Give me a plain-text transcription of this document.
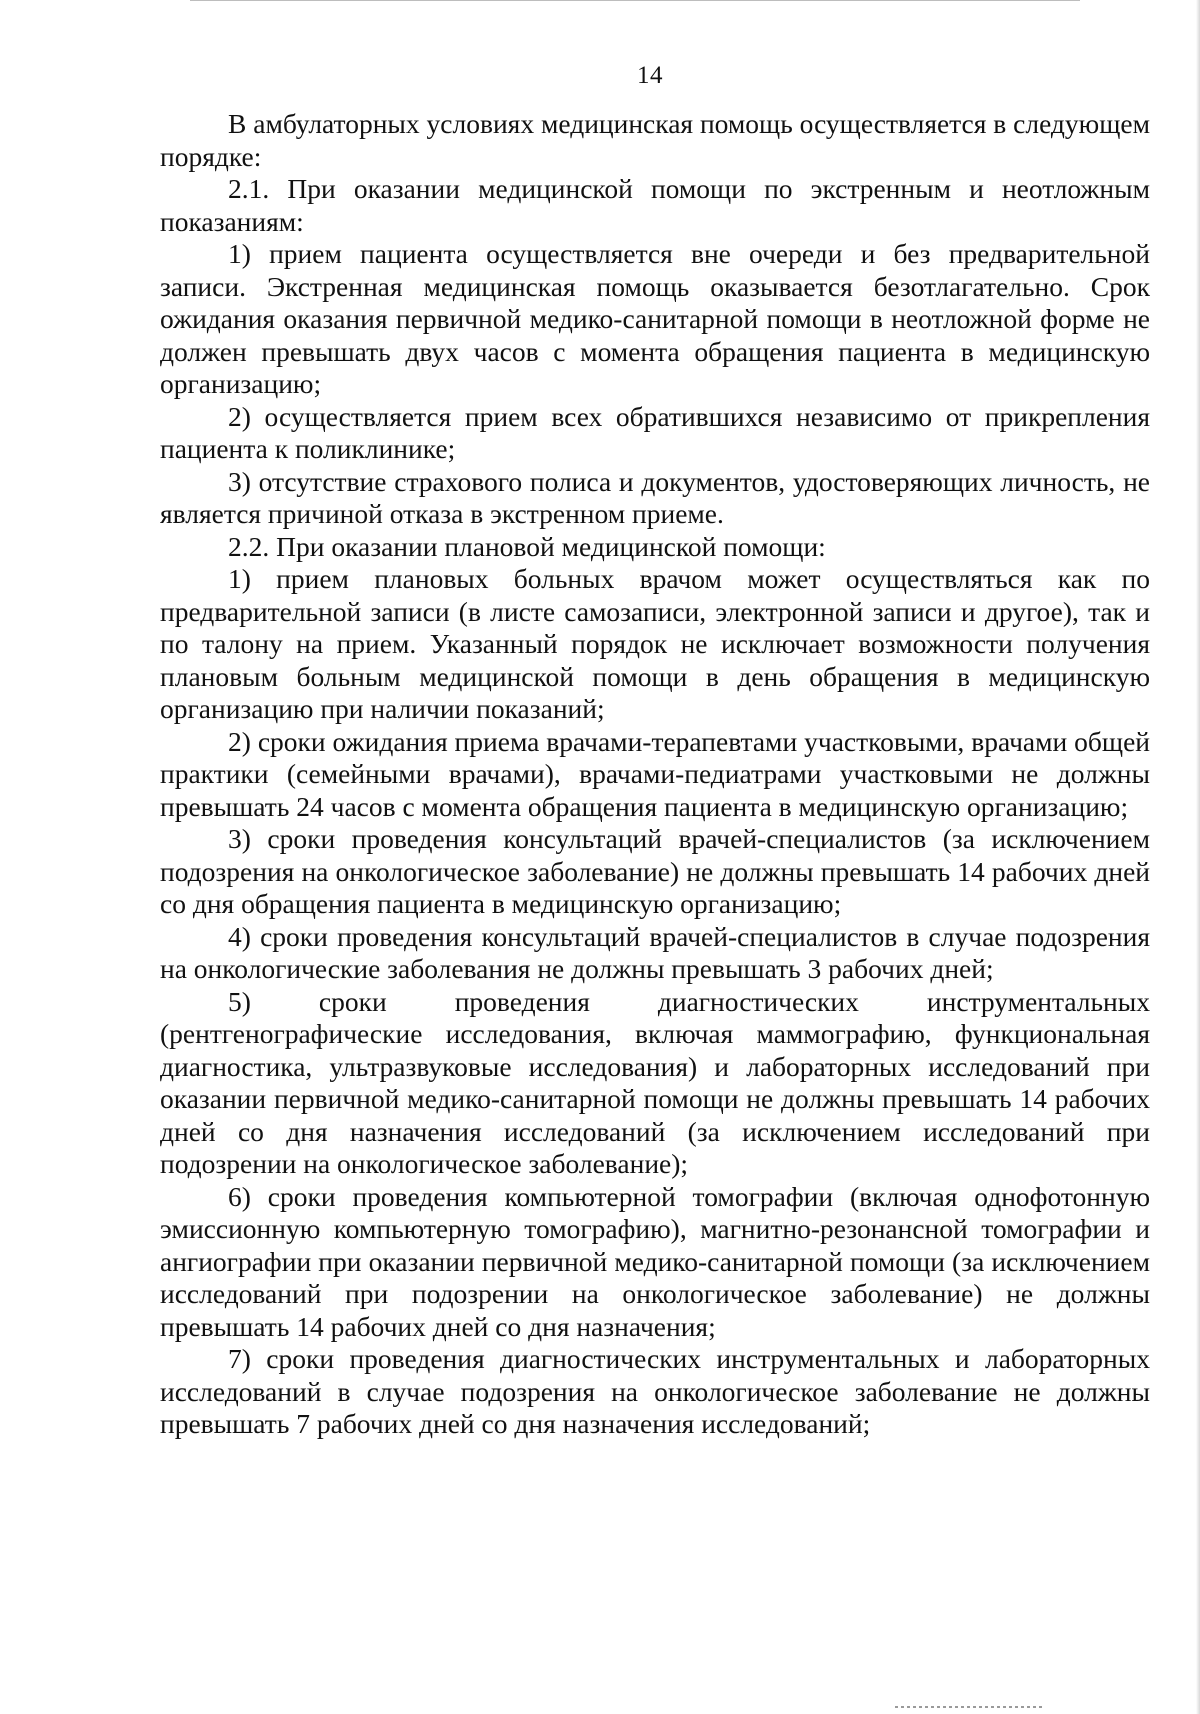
14

В амбулаторных условиях медицинская помощь осуществляется в следующем порядке:

2.1. При оказании медицинской помощи по экстренным и неотложным показаниям:

1) прием пациента осуществляется вне очереди и без предварительной записи. Экстренная медицинская помощь оказывается безотлагательно. Срок ожидания оказания первичной медико-санитарной помощи в неотложной форме не должен превышать двух часов с момента обращения пациента в медицинскую организацию;

2) осуществляется прием всех обратившихся независимо от прикрепления пациента к поликлинике;

3) отсутствие страхового полиса и документов, удостоверяющих личность, не является причиной отказа в экстренном приеме.

2.2. При оказании плановой медицинской помощи:

1) прием плановых больных врачом может осуществляться как по предварительной записи (в листе самозаписи, электронной записи и другое), так и по талону на прием. Указанный порядок не исключает возможности получения плановым больным медицинской помощи в день обращения в медицинскую организацию при наличии показаний;

2) сроки ожидания приема врачами-терапевтами участковыми, врачами общей практики (семейными врачами), врачами-педиатрами участковыми не должны превышать 24 часов с момента обращения пациента в медицинскую организацию;

3) сроки проведения консультаций врачей-специалистов (за исключением подозрения на онкологическое заболевание) не должны превышать 14 рабочих дней со дня обращения пациента в медицинскую организацию;

4) сроки проведения консультаций врачей-специалистов в случае подозрения на онкологические заболевания не должны превышать 3 рабочих дней;

5) сроки проведения диагностических инструментальных (рентгенографические исследования, включая маммографию, функциональная диагностика, ультразвуковые исследования) и лабораторных исследований при оказании первичной медико-санитарной помощи не должны превышать 14 рабочих дней со дня назначения исследований (за исключением исследований при подозрении на онкологическое заболевание);

6) сроки проведения компьютерной томографии (включая однофотонную эмиссионную компьютерную томографию), магнитно-резонансной томографии и ангиографии при оказании первичной медико-санитарной помощи (за исключением исследований при подозрении на онкологическое заболевание) не должны превышать 14 рабочих дней со дня назначения;

7) сроки проведения диагностических инструментальных и лабораторных исследований в случае подозрения на онкологическое заболевание не должны превышать 7 рабочих дней со дня назначения исследований;
